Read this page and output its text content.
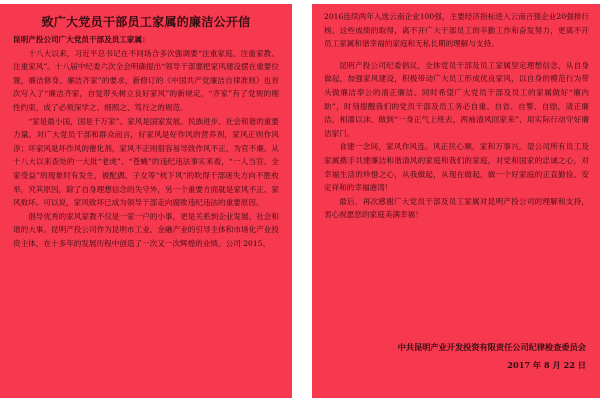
致广大党员干部员工家属的廉洁公开信

昆明产投公司广大党员干部及员工家属：

十八大以来，习近平总书记在不同场合多次强调要“注重家庭、注重家教、注重家风”。十八届中纪委六次全会明确提出“领导干部要把家风建设摆在重要位置，廉洁修身、廉洁齐家”的要求，新修订的《中国共产党廉洁自律准则》也首次写入了“廉洁齐家，自觉带头树立良好家风”的新规定，“齐家”有了党规的刚性约束，成了必须深学之、细照之、笃行之的规范。

“家是最小国，国是千万家”。家风是国家发展、民族进步、社会和谐的重要力量。对广大党员干部和群众而言，好家风是好作风的营养剂，家风正则作风淳；坏家风是坏作风的催化剂，家风不正则很容易导致作风不正、为官不廉。从十八大以来查处的一大批“老虎”、“苍蝇”的违纪违法事实来看，“一人当官，全家受益”的现象时有发生，被配偶、子女等“枕下风”的吹得干部迷失方向不胜枚举，究其原因，除了自身理想信念的失守外，另一个重要方面就是家风不正、家风败坏。可以说，家风败坏已成为领导干部走向腐败违纪违法的重要原因。

倡导优秀的家风家教不仅是一家一户的小事，更是关系到企业发展、社会和谐的大事。昆明产投公司作为昆明市工业、金融产业的引导主体和市场化产业投资主体，在十多年的发展历程中创造了一次又一次辉煌的业绩。公司 2015、

2016连续两年入选云南企业100强，主要经济指标进入云南百强企业20强排行榜。这些成绩的取得，离不开广大干部员工的辛勤工作和奋发努力，更离不开员工家属和谐幸福的家庭和无私长期的理解与支持。

昆明产投公司纪委倡议，全体党员干部及员工家属坚定理想信念，从自身做起，加强家风建设，积极带动广大员工形成优良家风，以自身的模范行为带头做廉洁奉公的清正廉洁。同时希望广大党员干部及员工的家属做好“廉内助”，时刻提醒我们的党员干部及员工务必自重、自省、自警、自励，清正廉洁，相濡以沫，做到“一身正气上班去，两袖清风回家来”，用实际行动守好廉洁家门。

食建一念间，家风作风连。风正民心顺，家和万事兴。望公司所有员工及家属携手共建廉洁和谐清风的家庭和我们的家庭，对党和国家的忠诚之心，对幸福生活的珍惜之心，从我做起，从现在做起，做一个好家庭的正直勤俭、安定祥和的幸福港湾！

最后，再次感谢广大党员干部及员工家属对昆明产投公司的理解和支持，衷心祝愿您的家庭美满幸福！

中共昆明产业开发投资有限责任公司纪律检查委员会
2017 年 8 月 22 日
